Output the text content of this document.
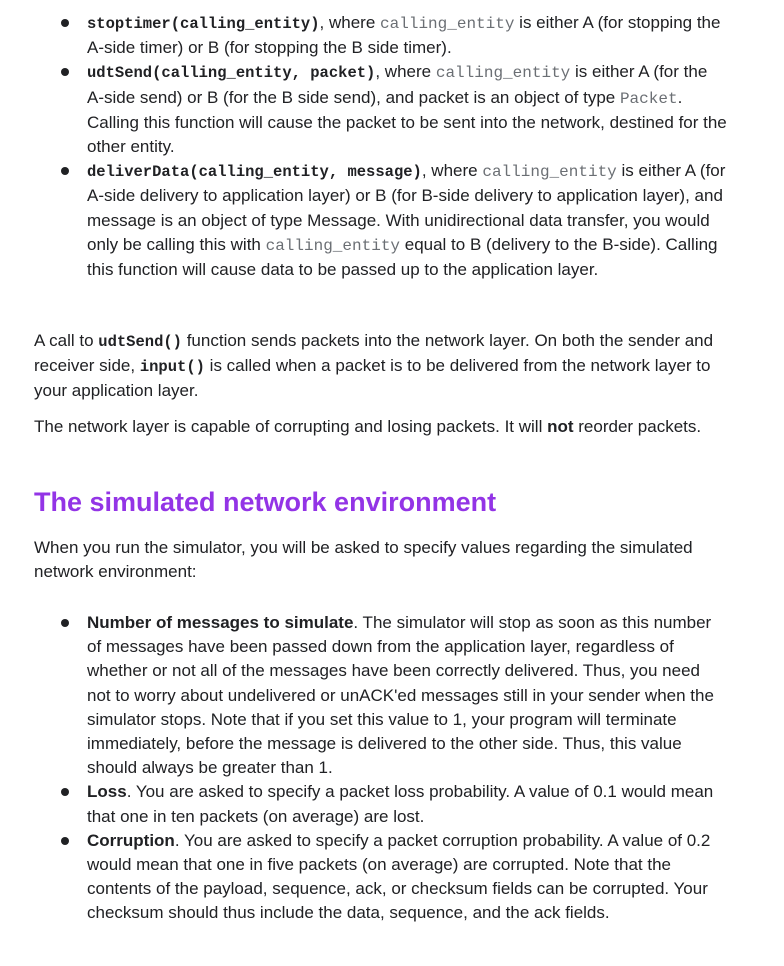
stoptimer(calling_entity), where calling_entity is either A (for stopping the A-side timer) or B (for stopping the B side timer).
udtSend(calling_entity, packet), where calling_entity is either A (for the A-side send) or B (for the B side send), and packet is an object of type Packet. Calling this function will cause the packet to be sent into the network, destined for the other entity.
deliverData(calling_entity, message), where calling_entity is either A (for A-side delivery to application layer) or B (for B-side delivery to application layer), and message is an object of type Message. With unidirectional data transfer, you would only be calling this with calling_entity equal to B (delivery to the B-side). Calling this function will cause data to be passed up to the application layer.

A call to udtSend() function sends packets into the network layer. On both the sender and receiver side, input() is called when a packet is to be delivered from the network layer to your application layer.

The network layer is capable of corrupting and losing packets. It will not reorder packets.

The simulated network environment

When you run the simulator, you will be asked to specify values regarding the simulated network environment:

Number of messages to simulate. The simulator will stop as soon as this number of messages have been passed down from the application layer, regardless of whether or not all of the messages have been correctly delivered. Thus, you need not to worry about undelivered or unACK'ed messages still in your sender when the simulator stops. Note that if you set this value to 1, your program will terminate immediately, before the message is delivered to the other side. Thus, this value should always be greater than 1.
Loss. You are asked to specify a packet loss probability. A value of 0.1 would mean that one in ten packets (on average) are lost.
Corruption. You are asked to specify a packet corruption probability. A value of 0.2 would mean that one in five packets (on average) are corrupted. Note that the contents of the payload, sequence, ack, or checksum fields can be corrupted. Your checksum should thus include the data, sequence, and the ack fields.
